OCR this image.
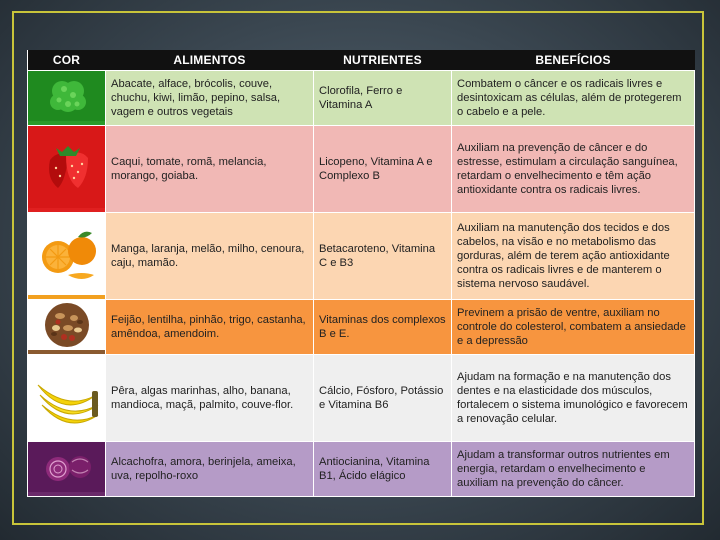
COR	ALIMENTOS	NUTRIENTES	BENEFÍCIOS
	Abacate, alface, brócolis, couve, chuchu, kiwi, limão, pepino, salsa, vagem e outros vegetais	Clorofila, Ferro e Vitamina A	Combatem o câncer e os radicais livres e desintoxicam as células, além de protegerem o cabelo e a pele.
	Caqui, tomate, romã, melancia, morango, goiaba.	Licopeno, Vitamina A e Complexo B	Auxiliam na prevenção de câncer e do estresse, estimulam a circulação sanguínea, retardam o envelhecimento e têm ação antioxidante contra os radicais livres.
	Manga, laranja, melão, milho, cenoura, caju, mamão.	Betacaroteno, Vitamina C e B3	Auxiliam na manutenção dos tecidos e dos cabelos, na visão e no metabolismo das gorduras, além de terem ação antioxidante contra os radicais livres e de manterem o sistema nervoso saudável.
	Feijão, lentilha, pinhão, trigo, castanha, amêndoa, amendoim.	Vitaminas dos complexos B e E.	Previnem a prisão de ventre, auxiliam no controle do colesterol, combatem a ansiedade e a depressão
	Pêra, algas marinhas, alho, banana, mandioca, maçã, palmito, couve-flor.	Cálcio, Fósforo, Potássio e Vitamina B6	Ajudam na formação e na manutenção dos dentes e na elasticidade dos músculos, fortalecem o sistema imunológico e favorecem a renovação celular.
	Alcachofra, amora, berinjela, ameixa, uva, repolho-roxo	Antiocianina, Vitamina B1, Ácido elágico	Ajudam a transformar outros nutrientes em energia, retardam o envelhecimento e auxiliam na prevenção do câncer.
